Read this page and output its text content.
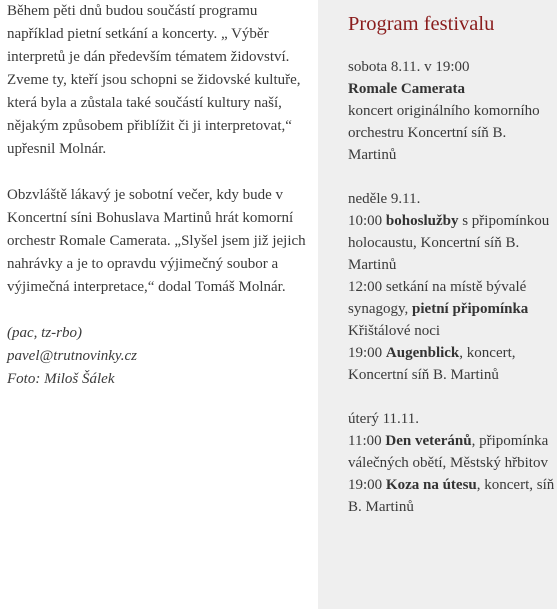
Během pěti dnů budou součástí programu například pietní setkání a koncerty. „ Výběr interpretů je dán především tématem židovství. Zveme ty, kteří jsou schopni se židovské kultuře, která byla a zůstala také součástí kultury naší, nějakým způsobem přiblížit či ji interpretovat,“ upřesnil Molnár.

Obzvláště lákavý je sobotní večer, kdy bude v Koncertní síni Bohuslava Martinů hrát komorní orchestr Romale Camerata. „Slyšel jsem již jejich nahrávky a je to opravdu výjimečný soubor a výjimečná interpretace,“ dodal Tomáš Molnár.

(pac, tz-rbo)
pavel@trutnovinky.cz
Foto: Miloš Šálek
Program festivalu
sobota 8.11. v 19:00
Romale Camerata
koncert originálního komorního orchestru Koncertní síň B. Martinů
neděle 9.11.
10:00 bohoslužby s připomínkou holocaustu, Koncertní síň B. Martinů
12:00 setkání na místě bývalé synagogy, pietní připomínka Křištálové noci
19:00 Augenblick, koncert, Koncertní síň B. Martinů
úterý 11.11.
11:00 Den veteránů, připomínka válečných obětí, Městský hřbitov
19:00 Koza na útesu, koncert, síň B. Martinů
